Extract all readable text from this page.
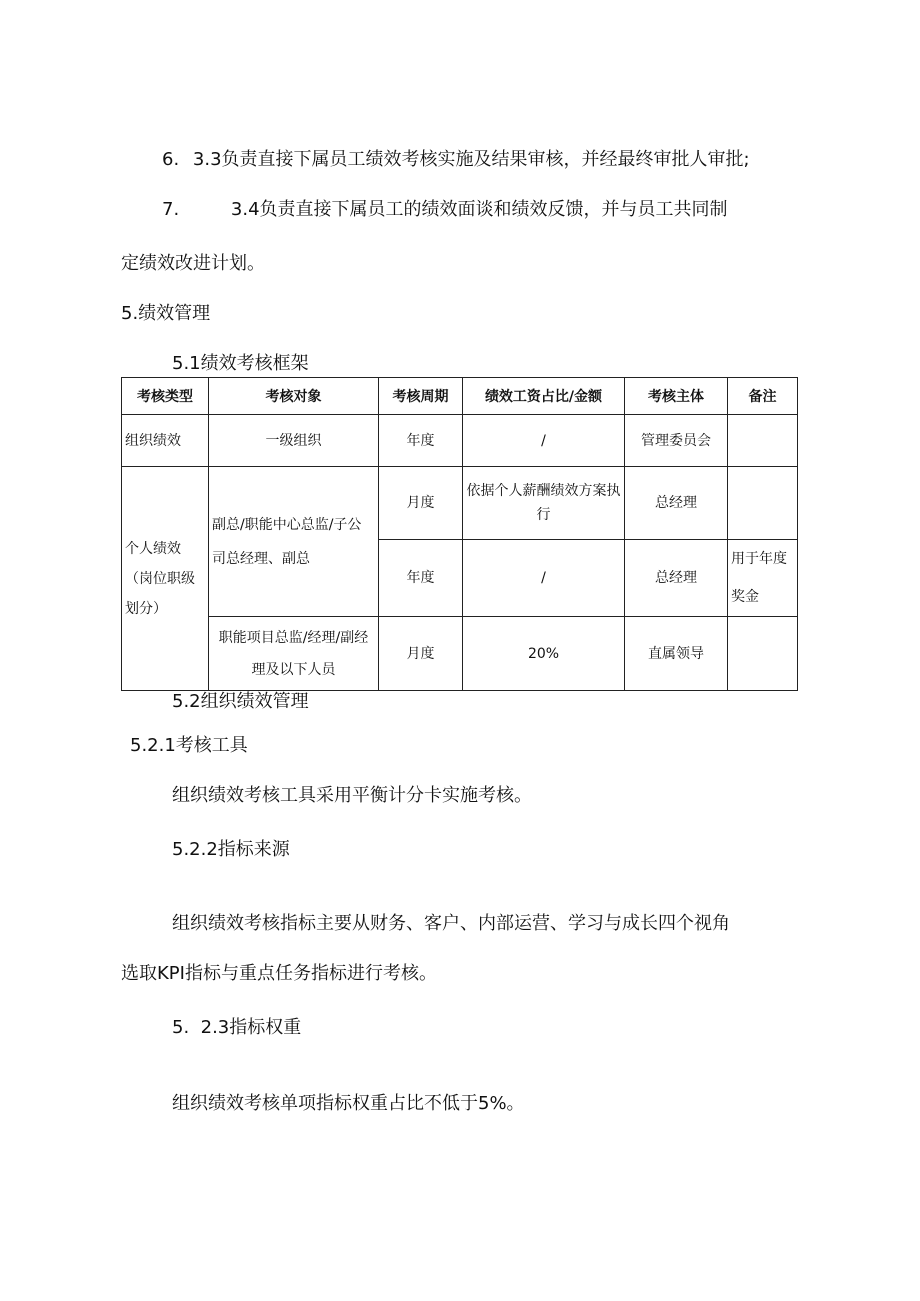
6. 3.3负责直接下属员工绩效考核实施及结果审核，并经最终审批人审批;
7.	3.4负责直接下属员工的绩效面谈和绩效反馈，并与员工共同制
定绩效改进计划。
5.绩效管理
5.1绩效考核框架
考核类型	考核对象	考核周期	绩效工资占比/金额	考核主体	备注
组织绩效	一级组织	年度	/	管理委员会	
个人绩效（岗位职级划分）	副总/职能中心总监/子公司总经理、副总	月度	依据个人薪酬绩效方案执行	总经理	
		年度	/	总经理	用于年度奖金
	职能项目总监/经理/副经理及以下人员	月度	20%	直属领导	
5.2组织绩效管理
5.2.1考核工具
组织绩效考核工具采用平衡计分卡实施考核。
5.2.2指标来源
组织绩效考核指标主要从财务、客户、内部运营、学习与成长四个视角
选取KPI指标与重点任务指标进行考核。
5.  2.3指标权重
组织绩效考核单项指标权重占比不低于5%。
